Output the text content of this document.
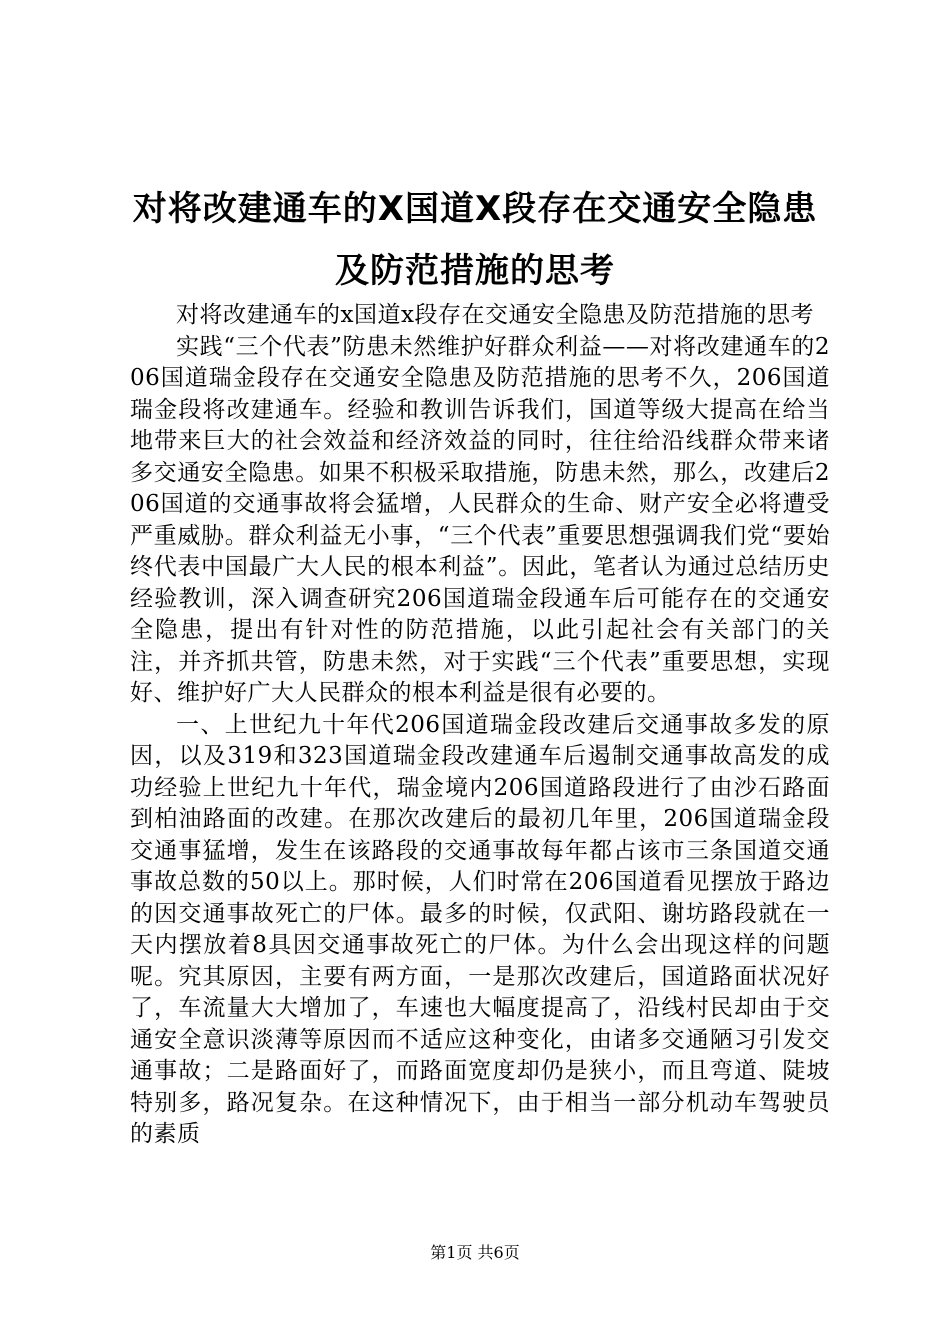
对将改建通车的X国道X段存在交通安全隐患及防范措施的思考

对将改建通车的x国道x段存在交通安全隐患及防范措施的思考

实践“三个代表”防患未然维护好群众利益——对将改建通车的206国道瑞金段存在交通安全隐患及防范措施的思考不久，206国道瑞金段将改建通车。经验和教训告诉我们，国道等级大提高在给当地带来巨大的社会效益和经济效益的同时，往往给沿线群众带来诸多交通安全隐患。如果不积极采取措施，防患未然，那么，改建后206国道的交通事故将会猛增，人民群众的生命、财产安全必将遭受严重威胁。群众利益无小事，“三个代表”重要思想强调我们党“要始终代表中国最广大人民的根本利益”。因此，笔者认为通过总结历史经验教训，深入调查研究206国道瑞金段通车后可能存在的交通安全隐患，提出有针对性的防范措施，以此引起社会有关部门的关注，并齐抓共管，防患未然，对于实践“三个代表”重要思想，实现好、维护好广大人民群众的根本利益是很有必要的。

一、上世纪九十年代206国道瑞金段改建后交通事故多发的原因，以及319和323国道瑞金段改建通车后遏制交通事故高发的成功经验上世纪九十年代，瑞金境内206国道路段进行了由沙石路面到柏油路面的改建。在那次改建后的最初几年里，206国道瑞金段交通事猛增，发生在该路段的交通事故每年都占该市三条国道交通事故总数的50以上。那时候，人们时常在206国道看见摆放于路边的因交通事故死亡的尸体。最多的时候，仅武阳、谢坊路段就在一天内摆放着8具因交通事故死亡的尸体。为什么会出现这样的问题呢。究其原因，主要有两方面，一是那次改建后，国道路面状况好了，车流量大大增加了，车速也大幅度提高了，沿线村民却由于交通安全意识淡薄等原因而不适应这种变化，由诸多交通陋习引发交通事故；二是路面好了，而路面宽度却仍是狭小，而且弯道、陡坡特别多，路况复杂。在这种情况下，由于相当一部分机动车驾驶员的素质

第1页 共6页
